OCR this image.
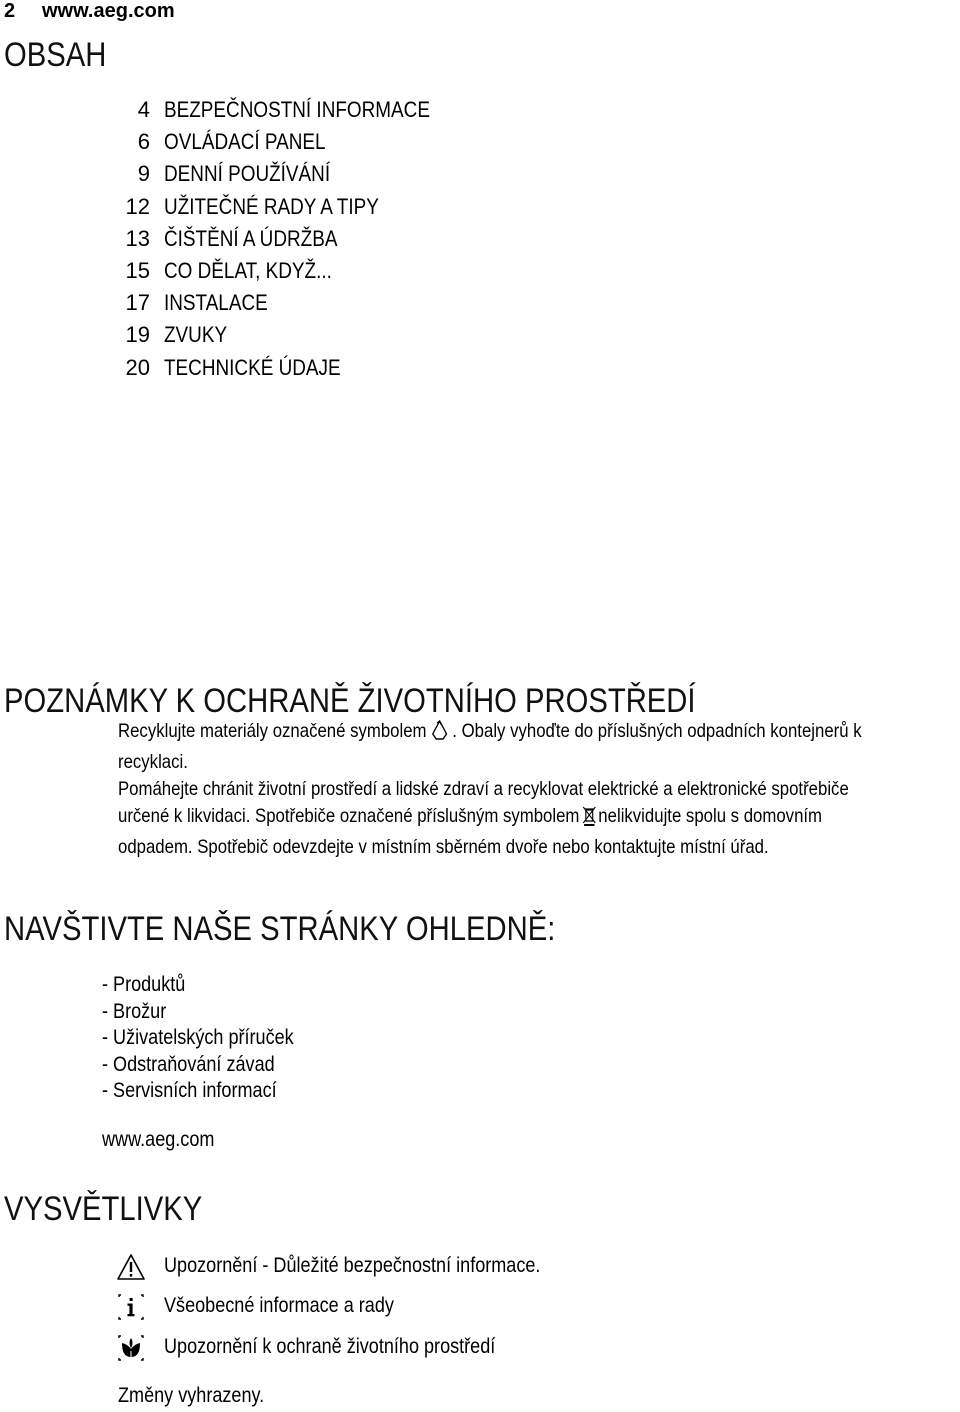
2 www.aeg.com
OBSAH
4 BEZPEČNOSTNÍ INFORMACE
6 OVLÁDACÍ PANEL
9 DENNÍ POUŽÍVÁNÍ
12 UŽITEČNÉ RADY A TIPY
13 ČIŠTĚNÍ A ÚDRŽBA
15 CO DĚLAT, KDYŽ...
17 INSTALACE
19 ZVUKY
20 TECHNICKÉ ÚDAJE
POZNÁMKY K OCHRANĚ ŽIVOTNÍHO PROSTŘEDÍ

Recyklujte materiály označené symbolem . Obaly vyhoďte do příslušných odpadních kontejnerů k

recyklaci.

Pomáhejte chránit životní prostředí a lidské zdraví a recyklovat elektrické a elektronické spotřebiče

určené k likvidaci. Spotřebiče označené příslušným symbolem nelikvidujte spolu s domovním

odpadem. Spotřebič odevzdejte v místním sběrném dvoře nebo kontaktujte místní úřad.

NAVŠTIVTE NAŠE STRÁNKY OHLEDNĚ:
- Produktů
- Brožur
- Uživatelských příruček
- Odstraňování závad
- Servisních informací
www.aeg.com
VYSVĚTLIVKY
Upozornění - Důležité bezpečnostní informace.
Všeobecné informace a rady
Upozornění k ochraně životního prostředí
Změny vyhrazeny.
